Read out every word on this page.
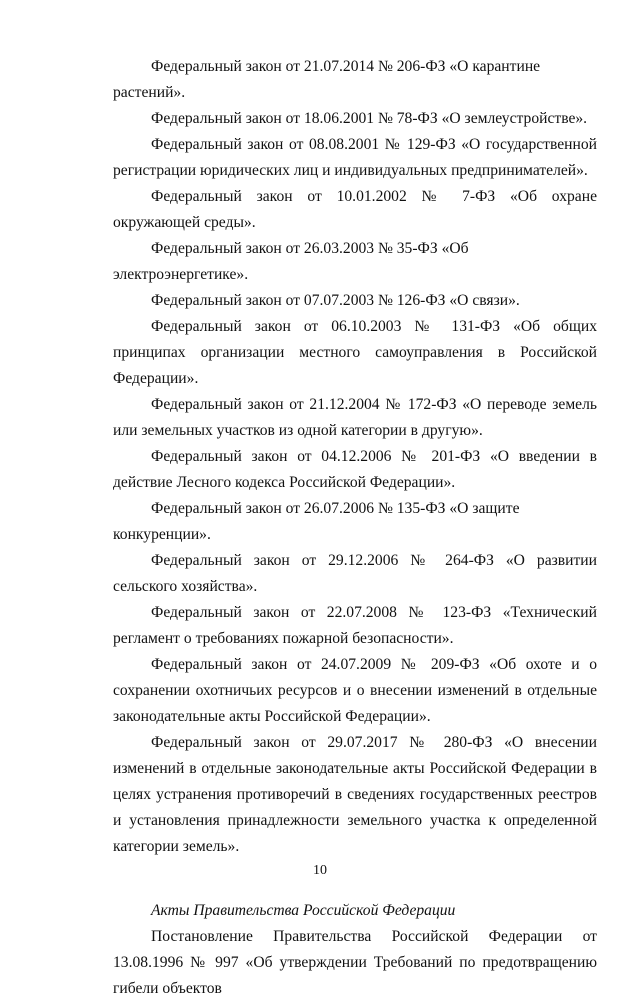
Федеральный закон от 21.07.2014 № 206-ФЗ «О карантине растений».

Федеральный закон от 18.06.2001 № 78-ФЗ «О землеустройстве».

Федеральный закон от 08.08.2001 № 129-ФЗ «О государственной регистрации юридических лиц и индивидуальных предпринимателей».

Федеральный закон от 10.01.2002 № 7-ФЗ «Об охране окружающей среды».

Федеральный закон от 26.03.2003 № 35-ФЗ «Об электроэнергетике».

Федеральный закон от 07.07.2003 № 126-ФЗ «О связи».

Федеральный закон от 06.10.2003 № 131-ФЗ «Об общих принципах организации местного самоуправления в Российской Федерации».

Федеральный закон от 21.12.2004 № 172-ФЗ «О переводе земель или земельных участков из одной категории в другую».

Федеральный закон от 04.12.2006 № 201-ФЗ «О введении в действие Лесного кодекса Российской Федерации».

Федеральный закон от 26.07.2006 № 135-ФЗ «О защите конкуренции».

Федеральный закон от 29.12.2006 № 264-ФЗ «О развитии сельского хозяйства».

Федеральный закон от 22.07.2008 № 123-ФЗ «Технический регламент о требованиях пожарной безопасности».

Федеральный закон от 24.07.2009 № 209-ФЗ «Об охоте и о сохранении охотничьих ресурсов и о внесении изменений в отдельные законодательные акты Российской Федерации».

Федеральный закон от 29.07.2017 № 280-ФЗ «О внесении изменений в отдельные законодательные акты Российской Федерации в целях устранения противоречий в сведениях государственных реестров и установления принадлежности земельного участка к определенной категории земель».

Акты Правительства Российской Федерации

Постановление Правительства Российской Федерации от 13.08.1996 № 997 «Об утверждении Требований по предотвращению гибели объектов

10
